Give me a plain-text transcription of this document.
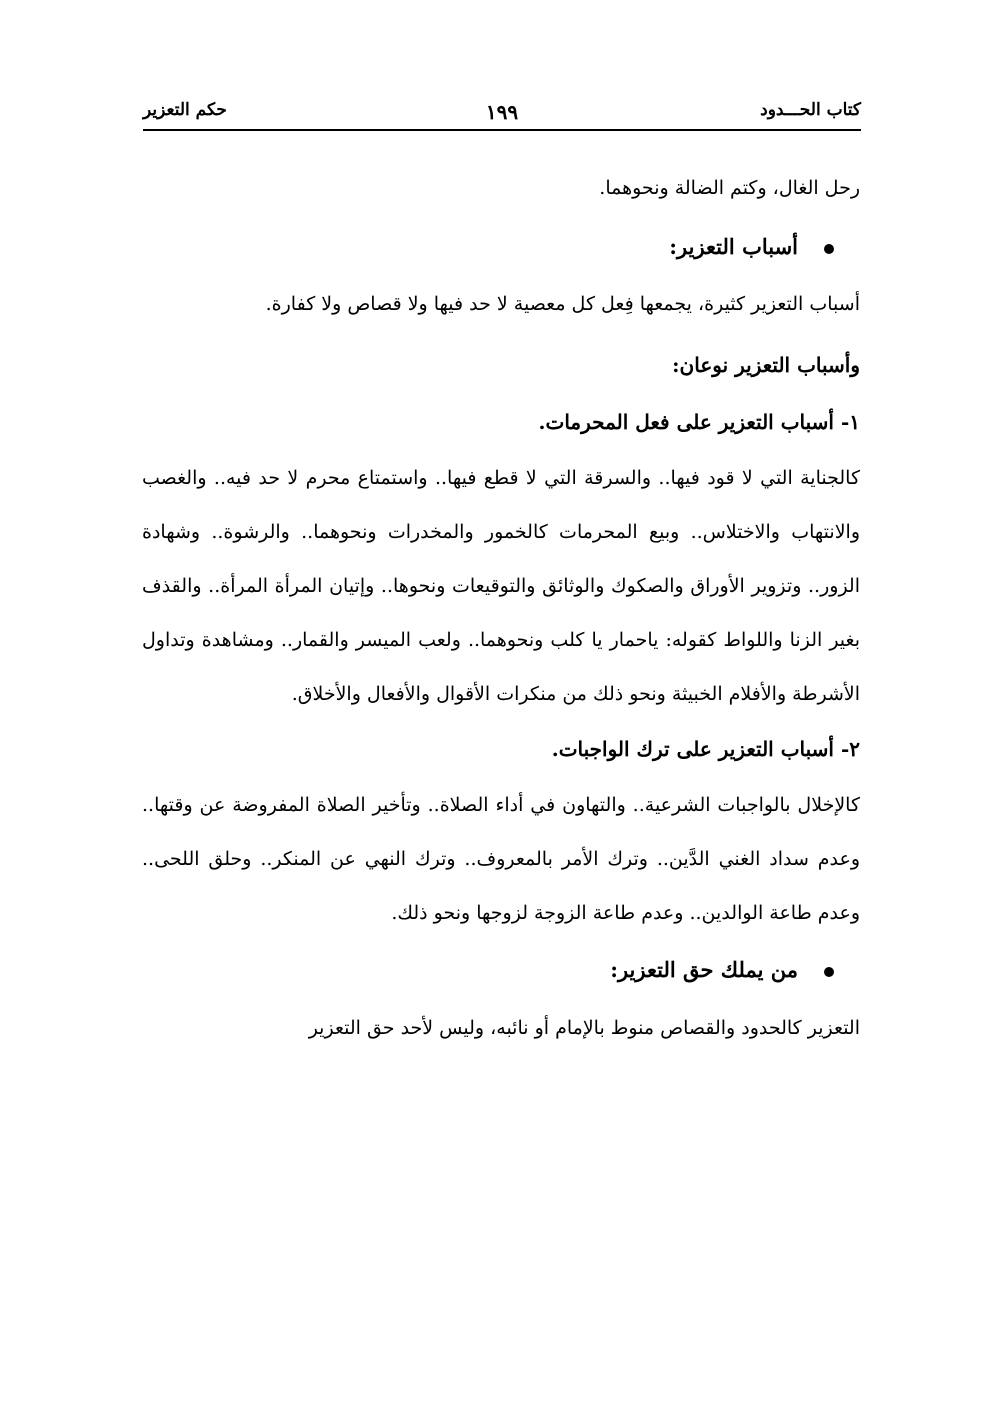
كتاب الحـــدود
١٩٩
حكم التعزير
رحل الغال، وكتم الضالة ونحوهما.
أسباب التعزير:

أسباب التعزير كثيرة، يجمعها فِعل كل معصية لا حد فيها ولا قصاص ولا كفارة.

وأسباب التعزير نوعان:
١- أسباب التعزير على فعل المحرمات.

كالجناية التي لا قود فيها.. والسرقة التي لا قطع فيها.. واستمتاع محرم لا حد فيه.. والغصب والانتهاب والاختلاس.. وبيع المحرمات كالخمور والمخدرات ونحوهما.. والرشوة.. وشهادة الزور.. وتزوير الأوراق والصكوك والوثائق والتوقيعات ونحوها.. وإتيان المرأة المرأة.. والقذف بغير الزنا واللواط كقوله: ياحمار يا كلب ونحوهما.. ولعب الميسر والقمار.. ومشاهدة وتداول الأشرطة والأفلام الخبيثة ونحو ذلك من منكرات الأقوال والأفعال والأخلاق.

٢- أسباب التعزير على ترك الواجبات.

كالإخلال بالواجبات الشرعية.. والتهاون في أداء الصلاة.. وتأخير الصلاة المفروضة عن وقتها.. وعدم سداد الغني الدَّين.. وترك الأمر بالمعروف.. وترك النهي عن المنكر.. وحلق اللحى.. وعدم طاعة الوالدين.. وعدم طاعة الزوجة لزوجها ونحو ذلك.

من يملك حق التعزير:
التعزير كالحدود والقصاص منوط بالإمام أو نائبه، وليس لأحد حق التعزير
